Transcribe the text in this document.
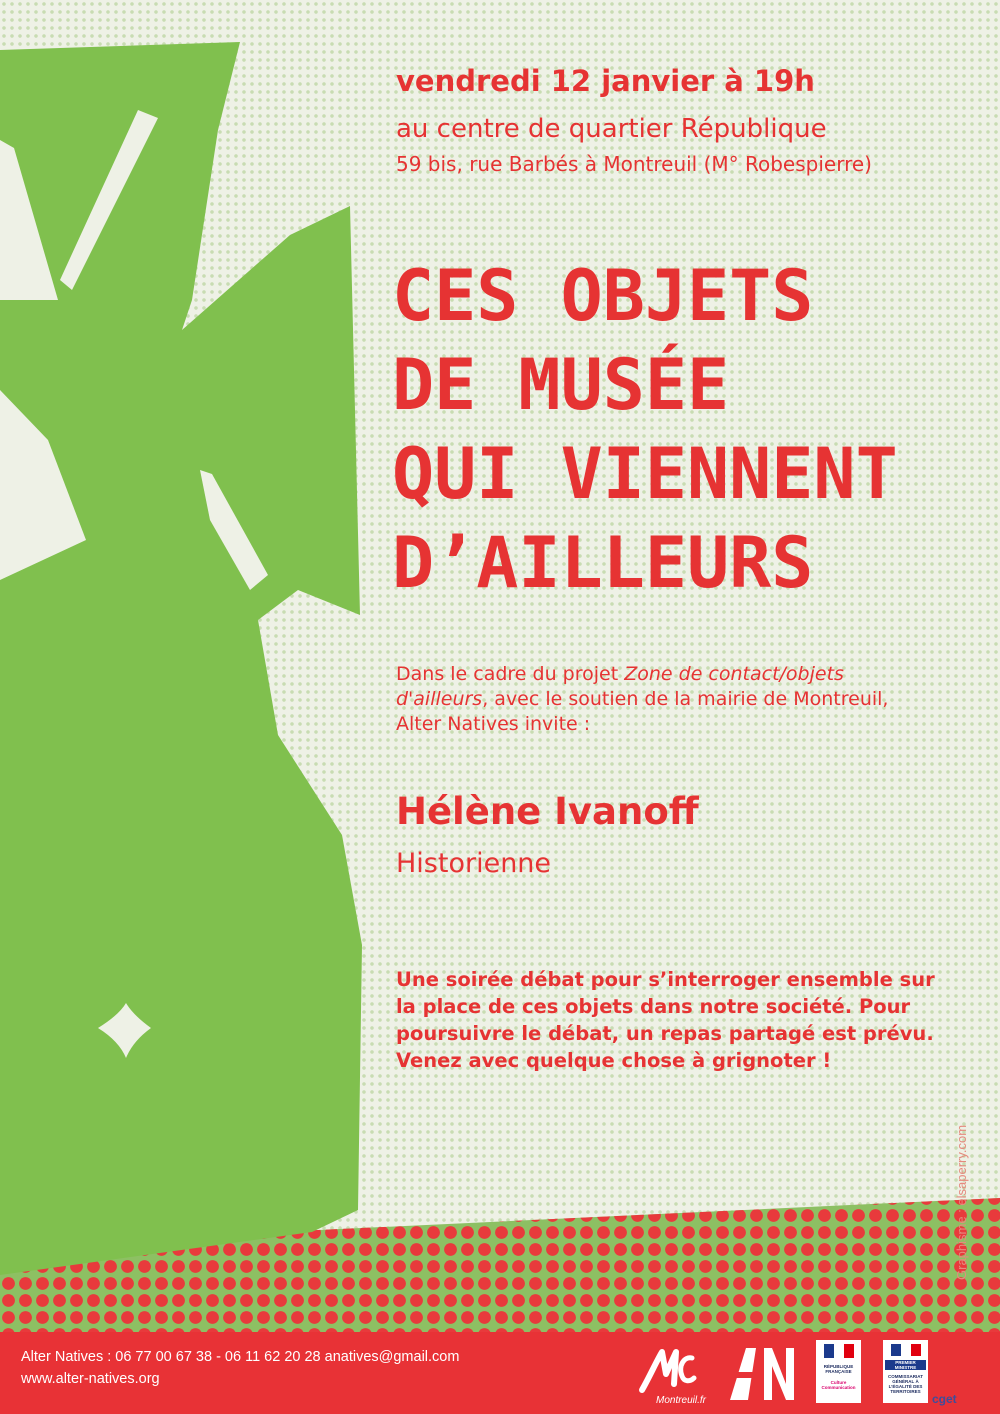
vendredi 12 janvier à 19h

au centre de quartier République

59 bis, rue Barbés à Montreuil (M° Robespierre)

CES OBJETS
DE MUSÉE
QUI VIENNENT
D’AILLEURS

Dans le cadre du projet Zone de contact/objets d'ailleurs, avec le soutien de la mairie de Montreuil, Alter Natives invite :

Hélène Ivanoff

Historienne

Une soirée débat pour s’interroger ensemble sur la place de ces objets dans notre société. Pour poursuivre le débat, un repas partagé est prévu. Venez avec quelque chose à grignoter !

Graphisme : elsaperry.com

Alter Natives : 06 77 00 67 38 - 06 11 62 20 28 anatives@gmail.com

www.alter-natives.org

Montreuil.fr
RÉPUBLIQUE FRANÇAISE
Culture Communication
PREMIER MINISTRE
COMMISSARIAT GÉNÉRAL À L’ÉGALITÉ DES TERRITOIRES
cget
